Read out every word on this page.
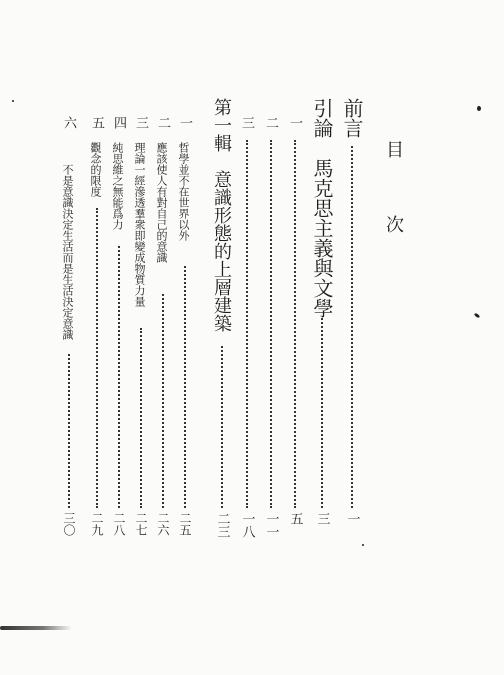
目 次
前言
一
引論　馬克思主義與文學
三
一
五
二
一一
三
一八
第一輯　意識形態的上層建築
二三
一
哲學並不在世界以外
二五
二
應該使人有對自己的意識
二六
三
理論一經滲透羣衆即變成物質力量
二七
四
純思維之無能爲力
二八
五
觀念的限度
二九
六
不是意識決定生活而是生活決定意識
三〇
